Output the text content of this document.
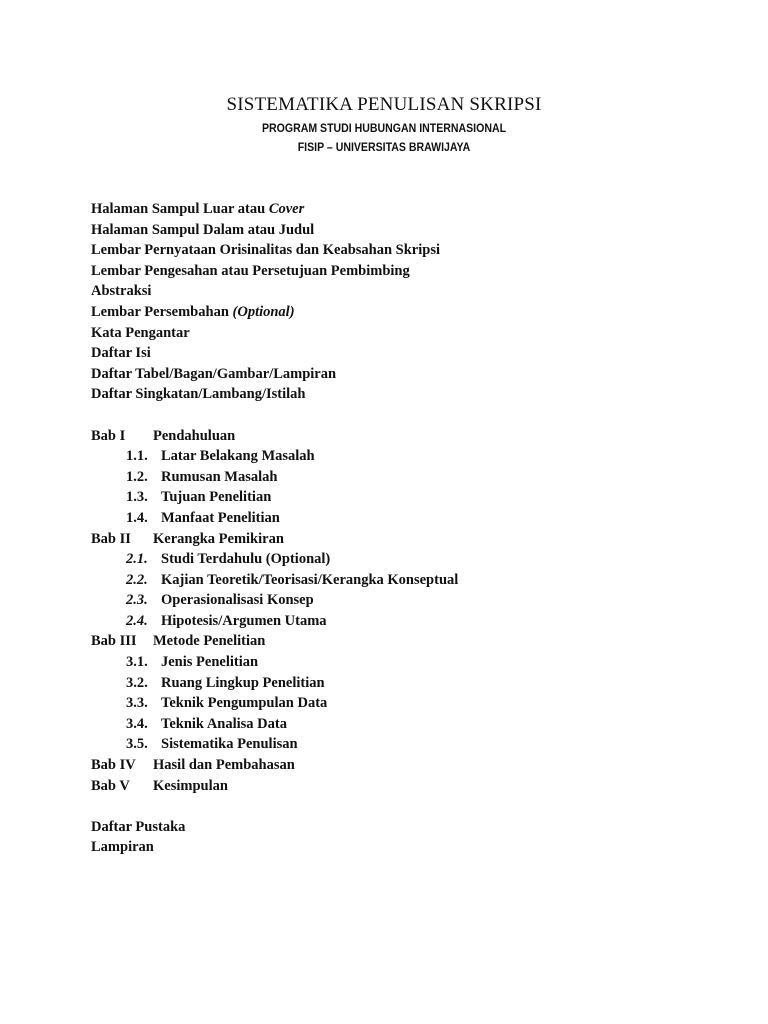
SISTEMATIKA PENULISAN SKRIPSI
PROGRAM STUDI HUBUNGAN INTERNASIONAL
FISIP – UNIVERSITAS BRAWIJAYA
Halaman Sampul Luar atau Cover
Halaman Sampul Dalam atau Judul
Lembar Pernyataan Orisinalitas dan Keabsahan Skripsi
Lembar Pengesahan atau Persetujuan Pembimbing
Abstraksi
Lembar Persembahan (Optional)
Kata Pengantar
Daftar Isi
Daftar Tabel/Bagan/Gambar/Lampiran
Daftar Singkatan/Lambang/Istilah
Bab I Pendahuluan
1.1. Latar Belakang Masalah
1.2. Rumusan Masalah
1.3. Tujuan Penelitian
1.4. Manfaat Penelitian
Bab II Kerangka Pemikiran
2.1. Studi Terdahulu (Optional)
2.2. Kajian Teoretik/Teorisasi/Kerangka Konseptual
2.3. Operasionalisasi Konsep
2.4. Hipotesis/Argumen Utama
Bab III Metode Penelitian
3.1. Jenis Penelitian
3.2. Ruang Lingkup Penelitian
3.3. Teknik Pengumpulan Data
3.4. Teknik Analisa Data
3.5. Sistematika Penulisan
Bab IV Hasil dan Pembahasan
Bab V Kesimpulan
Daftar Pustaka
Lampiran
